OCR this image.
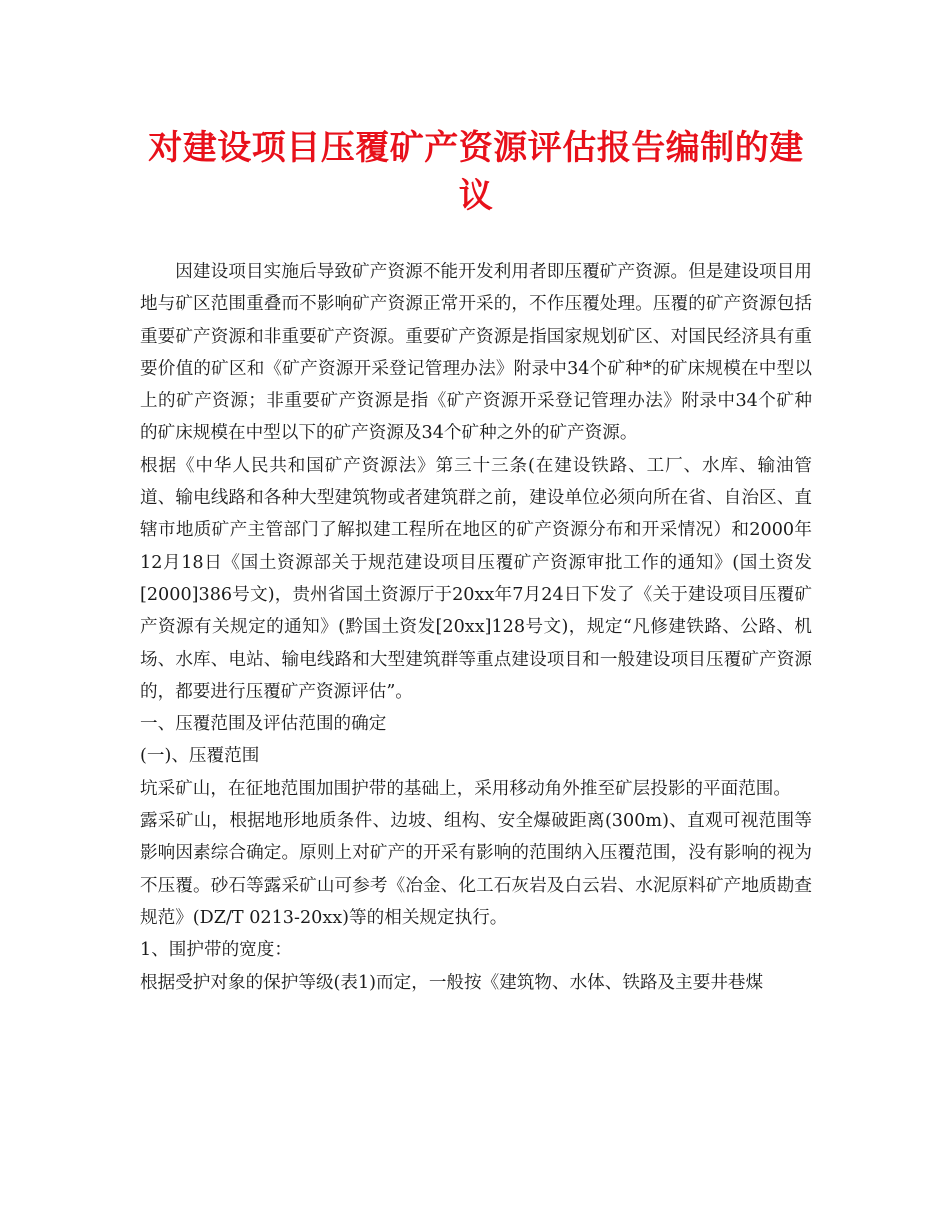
对建设项目压覆矿产资源评估报告编制的建议

因建设项目实施后导致矿产资源不能开发利用者即压覆矿产资源。但是建设项目用地与矿区范围重叠而不影响矿产资源正常开采的，不作压覆处理。压覆的矿产资源包括重要矿产资源和非重要矿产资源。重要矿产资源是指国家规划矿区、对国民经济具有重要价值的矿区和《矿产资源开采登记管理办法》附录中34个矿种*的矿床规模在中型以上的矿产资源；非重要矿产资源是指《矿产资源开采登记管理办法》附录中34个矿种的矿床规模在中型以下的矿产资源及34个矿种之外的矿产资源。

根据《中华人民共和国矿产资源法》第三十三条(在建设铁路、工厂、水库、输油管道、输电线路和各种大型建筑物或者建筑群之前，建设单位必须向所在省、自治区、直辖市地质矿产主管部门了解拟建工程所在地区的矿产资源分布和开采情况）和2000年12月18日《国土资源部关于规范建设项目压覆矿产资源审批工作的通知》(国土资发[2000]386号文)，贵州省国土资源厅于20xx年7月24日下发了《关于建设项目压覆矿产资源有关规定的通知》(黔国土资发[20xx]128号文)，规定“凡修建铁路、公路、机场、水库、电站、输电线路和大型建筑群等重点建设项目和一般建设项目压覆矿产资源的，都要进行压覆矿产资源评估”。

一、压覆范围及评估范围的确定

(一)、压覆范围

坑采矿山，在征地范围加围护带的基础上，采用移动角外推至矿层投影的平面范围。

露采矿山，根据地形地质条件、边坡、组构、安全爆破距离(300m)、直观可视范围等影响因素综合确定。原则上对矿产的开采有影响的范围纳入压覆范围，没有影响的视为不压覆。砂石等露采矿山可参考《冶金、化工石灰岩及白云岩、水泥原料矿产地质勘查规范》(DZ/T 0213-20xx)等的相关规定执行。

1、围护带的宽度：

根据受护对象的保护等级(表1)而定，一般按《建筑物、水体、铁路及主要井巷煤
